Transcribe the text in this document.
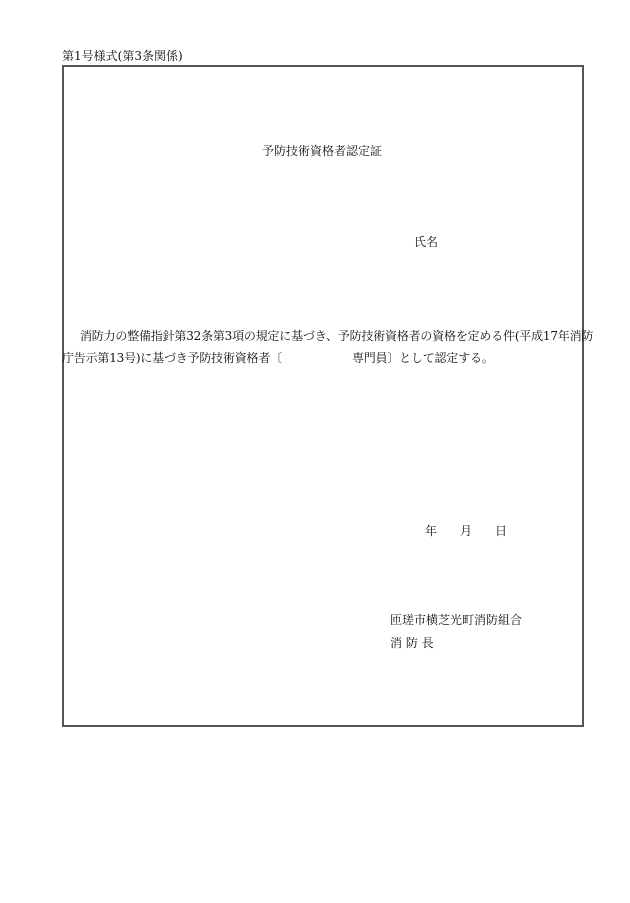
第1号様式(第3条関係)
予防技術資格者認定証
氏名
消防力の整備指針第32条第3項の規定に基づき、予防技術資格者の資格を定める件(平成17年消防
庁告示第13号)に基づき予防技術資格者〔	専門員〕として認定する。
年 月 日
匝瑳市横芝光町消防組合
消 防 長
